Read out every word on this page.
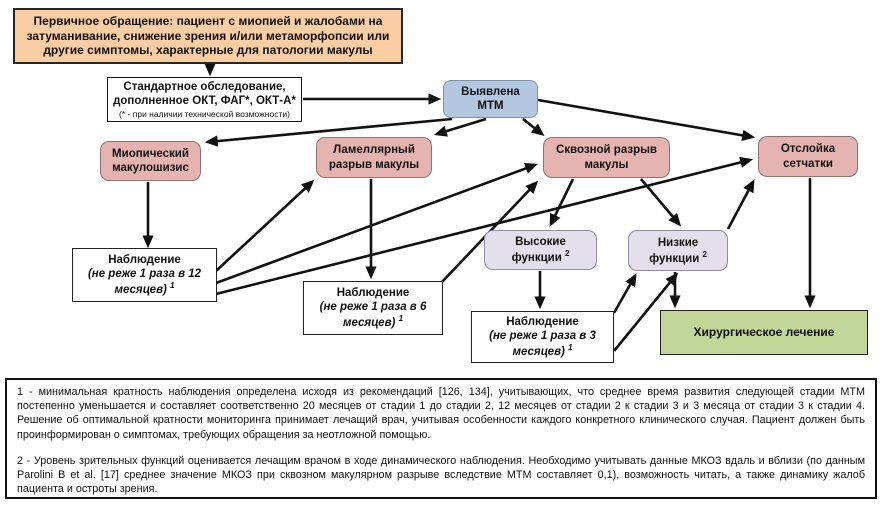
Первичное обращение: пациент с миопией и жалобами на затуманивание, снижение зрения и/или метаморфопсии или другие симптомы, характерные для патологии макулы
Стандартное обследование,
дополненное ОКТ, ФАГ*, ОКТ-А*
(* - при наличии технической возможности)
Выявлена
МТМ
Миопический
макулошизис
Ламеллярный
разрыв макулы
Сквозной разрыв
макулы
Отслойка
сетчатки
Высокие
функции $^2$
Низкие
функции $^2$
Наблюдение
(не реже 1 раза в 12 месяцев) $^1$
Наблюдение
(не реже 1 раза в 6 месяцев) $^1$	Наблюдение
(не реже 1 раза в 3 месяцев) $^1$
Хирургическое лечение

1 - минимальная кратность наблюдения определена исходя из рекомендаций [126, 134], учитывающих, что среднее время развития следующей стадии МТМ постепенно уменьшается и составляет соответственно 20 месяцев от стадии 1 до стадии 2, 12 месяцев от стадии 2 к стадии 3 и 3 месяца от стадии 3 к стадии 4. Решение об оптимальной кратности мониторинга принимает лечащий врач, учитывая особенности каждого конкретного клинического случая. Пациент должен быть проинформирован о симптомах, требующих обращения за неотложной помощью.

2 - Уровень зрительных функций оценивается лечащим врачом в ходе динамического наблюдения. Необходимо учитывать данные МКОЗ вдаль и вблизи (по данным Parolini B et al. [17] среднее значение МКОЗ при сквозном макулярном разрыве вследствие МТМ составляет 0,1), возможность читать, а также динамику жалоб пациента и остроты зрения.
